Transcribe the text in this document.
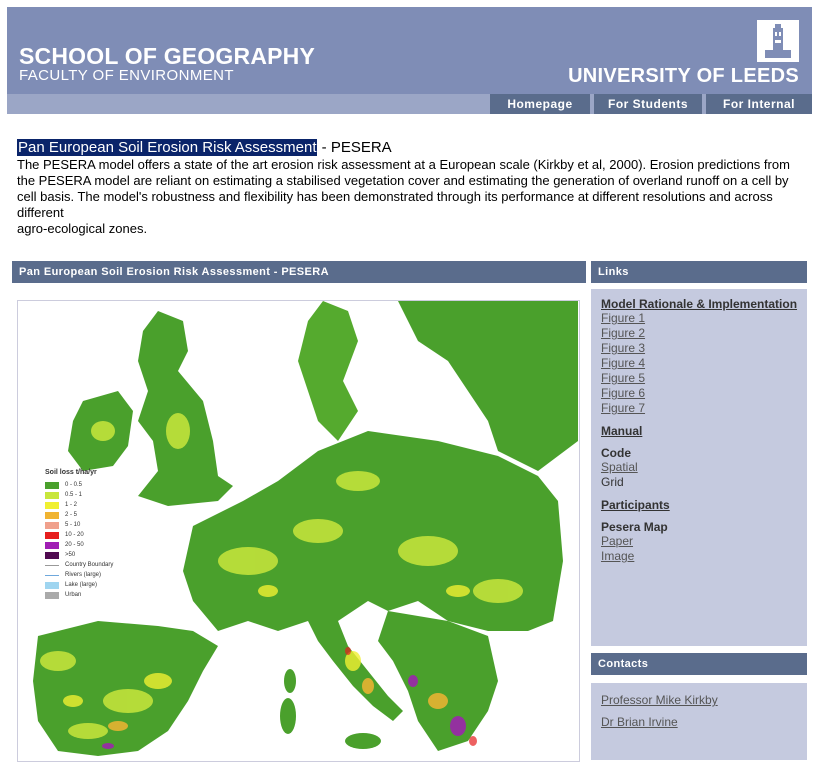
SCHOOL OF GEOGRAPHY
FACULTY OF ENVIRONMENT	UNIVERSITY OF LEEDS
Homepage	For Students	For Internal
Pan European Soil Erosion Risk Assessment - PESERA
The PESERA model offers a state of the art erosion risk assessment at a European scale (Kirkby et al, 2000). Erosion predictions from the PESERA model are reliant on estimating a stabilised vegetation cover and estimating the generation of overland runoff on a cell by cell basis. The model's robustness and flexibility has been demonstrated through its performance at different resolutions and across different
agro-ecological zones.
Pan European Soil Erosion Risk Assessment - PESERA
Soil loss t/ha/yr
0 - 0.5
0.5 - 1
1 - 2
2 - 5
5 - 10
10 - 20
20 - 50
>50
Country Boundary
Rivers (large)
Lake (large)
Urban
Links
Model Rationale & Implementation
Figure 1
Figure 2
Figure 3
Figure 4
Figure 5
Figure 6
Figure 7
Manual
Code
Spatial
Grid
Participants
Pesera Map
Paper
Image
Contacts
Professor Mike Kirkby
Dr Brian Irvine
